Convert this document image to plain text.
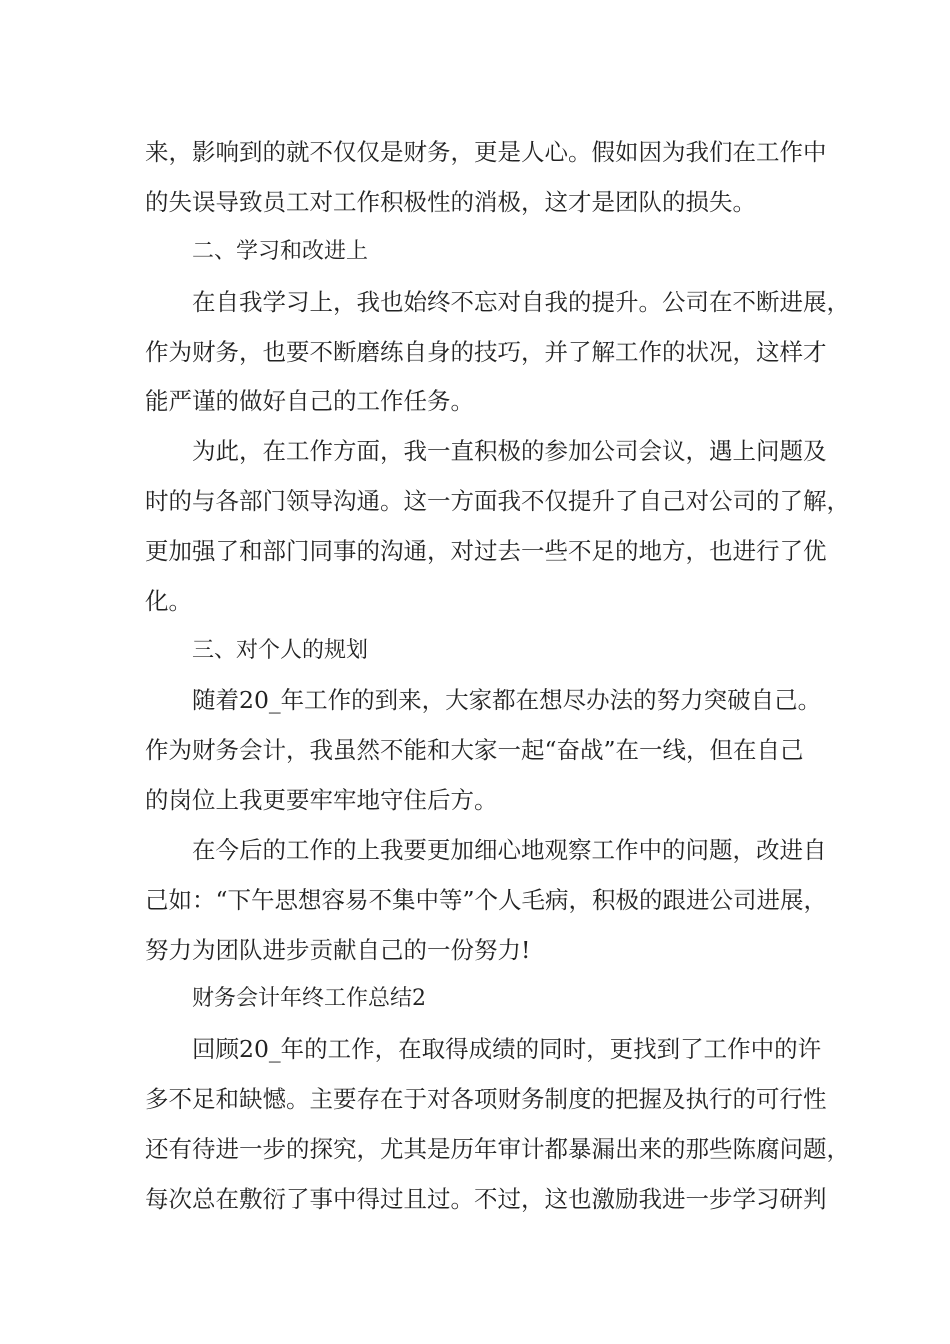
来，影响到的就不仅仅是财务，更是人心。假如因为我们在工作中

的失误导致员工对工作积极性的消极，这才是团队的损失。

二、学习和改进上

在自我学习上，我也始终不忘对自我的提升。公司在不断进展，

作为财务，也要不断磨练自身的技巧，并了解工作的状况，这样才

能严谨的做好自己的工作任务。

为此，在工作方面，我一直积极的参加公司会议，遇上问题及

时的与各部门领导沟通。这一方面我不仅提升了自己对公司的了解，

更加强了和部门同事的沟通，对过去一些不足的地方，也进行了优

化。

三、对个人的规划

随着20_年工作的到来，大家都在想尽办法的努力突破自己。

作为财务会计，我虽然不能和大家一起“奋战”在一线，但在自己

的岗位上我更要牢牢地守住后方。

在今后的工作的上我要更加细心地观察工作中的问题，改进自

己如：“下午思想容易不集中等”个人毛病，积极的跟进公司进展，

努力为团队进步贡献自己的一份努力!

财务会计年终工作总结2

回顾20_年的工作，在取得成绩的同时，更找到了工作中的许

多不足和缺憾。主要存在于对各项财务制度的把握及执行的可行性

还有待进一步的探究，尤其是历年审计都暴漏出来的那些陈腐问题，

每次总在敷衍了事中得过且过。不过，这也激励我进一步学习研判
